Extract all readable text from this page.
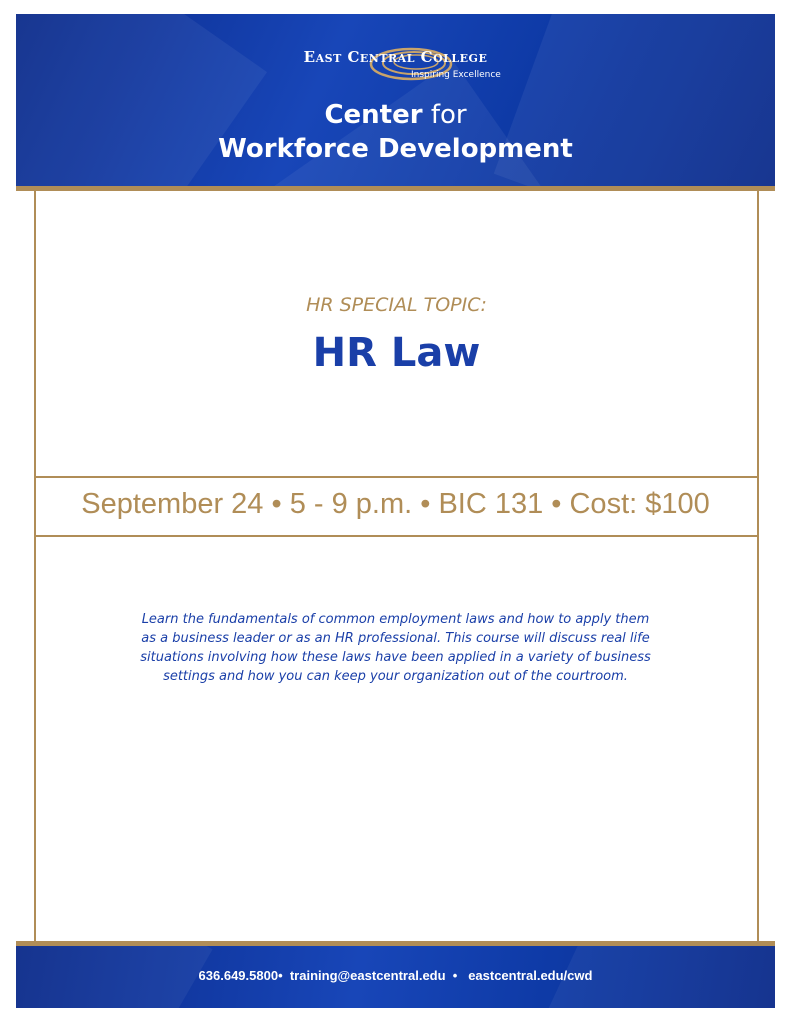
East Central College
Inspiring Excellence
Center for
Workforce Development
HR SPECIAL TOPIC:
HR Law
September 24 • 5 - 9 p.m. • BIC 131 • Cost: $100
Learn the fundamentals of common employment laws and how to apply them as a business leader or as an HR professional. This course will discuss real life situations involving how these laws have been applied in a variety of business settings and how you can keep your organization out of the courtroom.
636.649.5800•  training@eastcentral.edu  •   eastcentral.edu/cwd
